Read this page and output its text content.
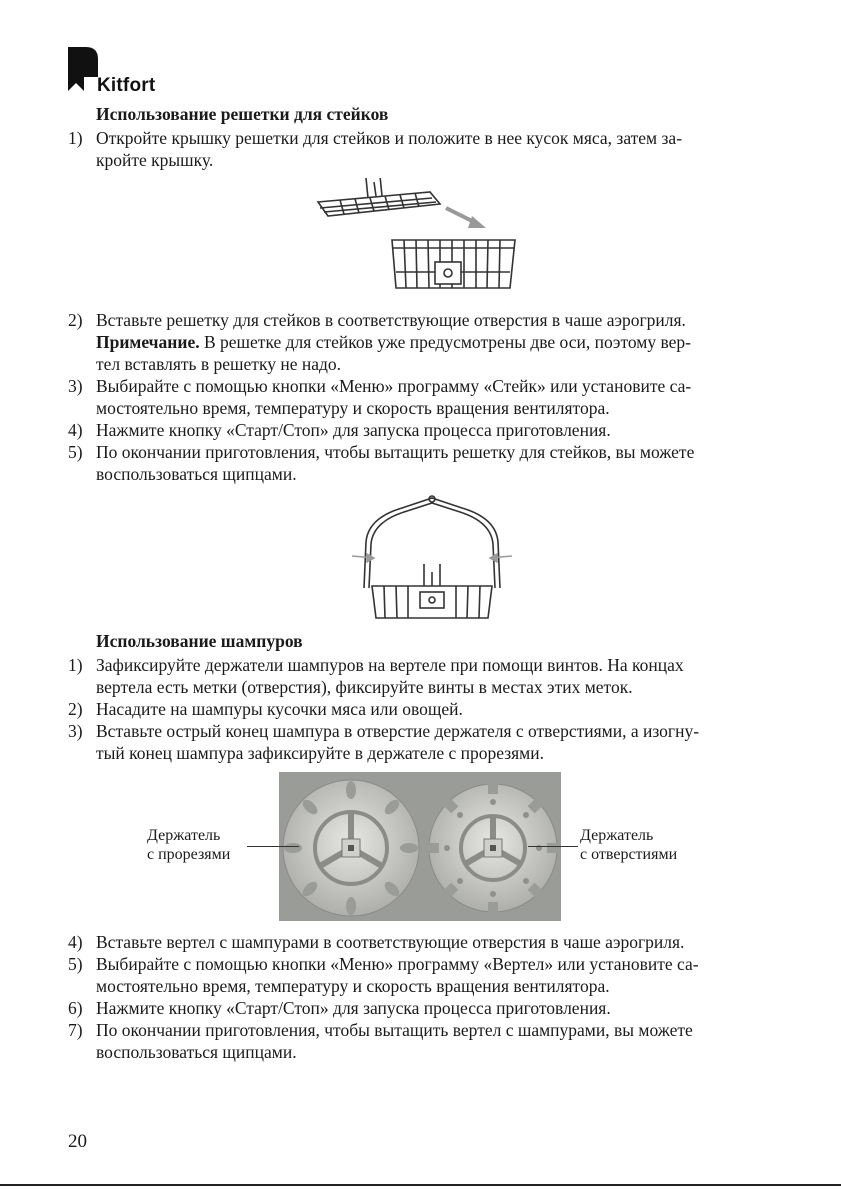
Kitfort
Использование решетки для стейков
1) Откройте крышку решетки для стейков и положите в нее кусок мяса, затем за-
кройте крышку.
2) Вставьте решетку для стейков в соответствующие отверстия в чаше аэрогриля.
Примечание. В решетке для стейков уже предусмотрены две оси, поэтому вер-
тел вставлять в решетку не надо.
3) Выбирайте с помощью кнопки «Меню» программу «Стейк» или установите са-
мостоятельно время, температуру и скорость вращения вентилятора.
4) Нажмите кнопку «Старт/Стоп» для запуска процесса приготовления.
5) По окончании приготовления, чтобы вытащить решетку для стейков, вы можете
воспользоваться щипцами.
Использование шампуров
1) Зафиксируйте держатели шампуров на вертеле при помощи винтов. На концах
вертела есть метки (отверстия), фиксируйте винты в местах этих меток.
2) Насадите на шампуры кусочки мяса или овощей.
3) Вставьте острый конец шампура в отверстие держателя с отверстиями, а изогну-
тый конец шампура зафиксируйте в держателе с прорезями.
Держатель
с прорезями
Держатель
с отверстиями
4) Вставьте вертел с шампурами в соответствующие отверстия в чаше аэрогриля.
5) Выбирайте с помощью кнопки «Меню» программу «Вертел» или установите са-
мостоятельно время, температуру и скорость вращения вентилятора.
6) Нажмите кнопку «Старт/Стоп» для запуска процесса приготовления.
7) По окончании приготовления, чтобы вытащить вертел с шампурами, вы можете
воспользоваться щипцами.
20
